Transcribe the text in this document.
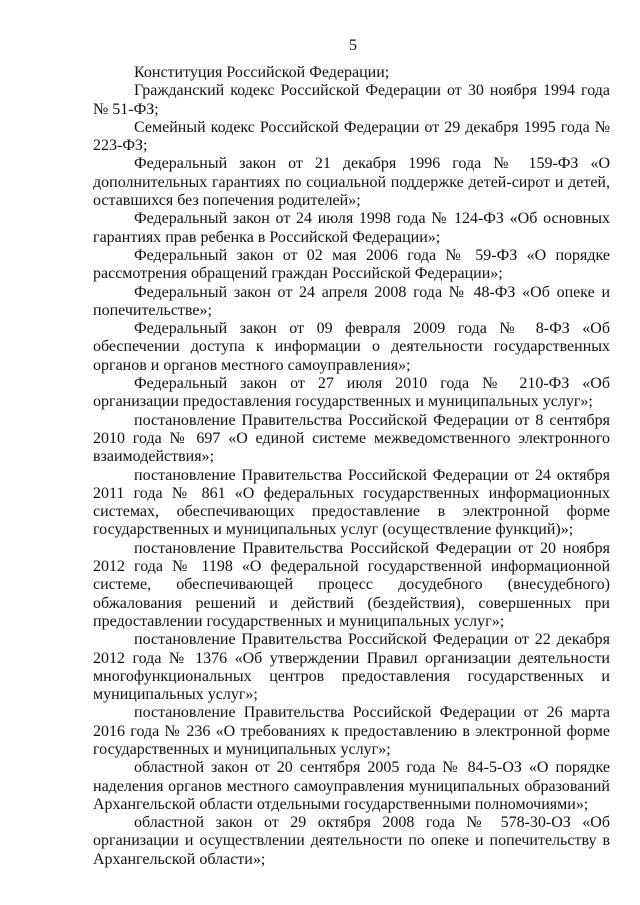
5

Конституция Российской Федерации;

Гражданский кодекс Российской Федерации от 30 ноября 1994 года № 51-ФЗ;

Семейный кодекс Российской Федерации от 29 декабря 1995 года № 223-ФЗ;

Федеральный закон от 21 декабря 1996 года № 159-ФЗ «О дополнительных гарантиях по социальной поддержке детей-сирот и детей, оставшихся без попечения родителей»;

Федеральный закон от 24 июля 1998 года № 124-ФЗ «Об основных гарантиях прав ребенка в Российской Федерации»;

Федеральный закон от 02 мая 2006 года № 59-ФЗ «О порядке рассмотрения обращений граждан Российской Федерации»;

Федеральный закон от 24 апреля 2008 года № 48-ФЗ «Об опеке и попечительстве»;

Федеральный закон от 09 февраля 2009 года № 8-ФЗ «Об обеспечении доступа к информации о деятельности государственных органов и органов местного самоуправления»;

Федеральный закон от 27 июля 2010 года № 210-ФЗ «Об организации предоставления государственных и муниципальных услуг»;

постановление Правительства Российской Федерации от 8 сентября 2010 года № 697 «О единой системе межведомственного электронного взаимодействия»;

постановление Правительства Российской Федерации от 24 октября 2011 года № 861 «О федеральных государственных информационных системах, обеспечивающих предоставление в электронной форме государственных и муниципальных услуг (осуществление функций)»;

постановление Правительства Российской Федерации от 20 ноября 2012 года № 1198 «О федеральной государственной информационной системе, обеспечивающей процесс досудебного (внесудебного) обжалования решений и действий (бездействия), совершенных при предоставлении государственных и муниципальных услуг»;

постановление Правительства Российской Федерации от 22 декабря 2012 года № 1376 «Об утверждении Правил организации деятельности многофункциональных центров предоставления государственных и муниципальных услуг»;

постановление Правительства Российской Федерации от 26 марта 2016 года № 236 «О требованиях к предоставлению в электронной форме государственных и муниципальных услуг»;

областной закон от 20 сентября 2005 года № 84-5-ОЗ «О порядке наделения органов местного самоуправления муниципальных образований Архангельской области отдельными государственными полномочиями»;

областной закон от 29 октября 2008 года № 578-30-ОЗ «Об организации и осуществлении деятельности по опеке и попечительству в Архангельской области»;
